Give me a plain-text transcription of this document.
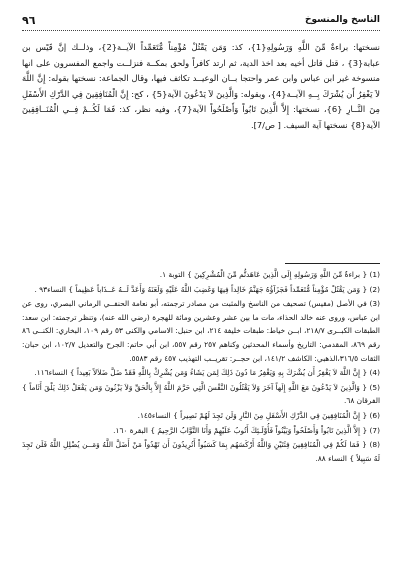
الناسخ والمنسوخ
٩٦

نسختها: براءةٌ مِّنَ اللَّهِ وَرَسُولِهِ{1}، كذ: وَمَن يَقْتُلْ مُؤْمِناً مُّتَعَمِّداً الآيــة{2}، وذلــك إنَّ قَيْس بن عبابة{3} ، قتل قاتل أخيه بعد اخذ الدية، ثم ارتد كافراً ولحق بمكــة فنزلــت واجمع المفسرون على انها منسوخة غير ابن عباس وابن عمر واحتجا بــان الوعيــد تكاثف فيها، وقال الجماعة: نسختها بقوله: إِنَّ اللَّهَ لاَ يَغْفِرُ أَن يُشْرَكَ بِــهِ الآيــة{4}، وبقوله: وَالَّذِينَ لاَ يَدْعُونَ الآية{5} ، كح: إِنَّ الْمُنَافِقِينَ فِي الدَّرْكِ الأَسْفَلِ مِنَ النَّــارِ {6}، نسختها: إِلاَّ الَّذِينَ تَابُواْ وَأَصْلَحُواْ الآية{7}، وفيه نظر، كذ: فَمَا لَكُــمْ فِــي الْمُنَــافِقِينَ الآية{8} نسختها آية السيف. [ ص/7].

(1) { براءةٌ مِّنَ اللَّهِ وَرَسُولِهِ إِلَى الَّذِينَ عَاهَدتُّم مِّنَ الْمُشْرِكِينَ } التوبة ١.

(2) { وَمَن يَقْتُلْ مُؤْمِناً مُّتَعَمِّداً فَجَزَآؤُهُ جَهَنَّمُ خَالِداً فِيهَا وَغَضِبَ اللَّهُ عَلَيْهِ وَلَعَنَهُ وَأَعَدَّ لَــهُ عَــذَاباً عَظِيماً } النساء٩٣ .

(3) في الأصل (مقيس) تصحيف من الناسخ والمثبت من مصادر ترجمته، أبو نعامة الحنفــي الرماني البصري، روى عن ابن عباس، وروى عنه خالد الحذاء، مات ما بين عشر وعشرين ومائة للهجرة (رضي الله عنه)، وتنظر ترجمته: ابن سعد: الطبقات الكبــرى ٢١٨/٧، ابــن خياط: طبقات خليفة ٢١٤، ابن حنبل: الاسامي والكنى ٥٣ رقم ١٠٩، البخاري: الكنــى ٨٦ رقم ٨٦٩، المقدمي: التاريخ وأسماء المحدثين وكناهم ٢٥٧ رقم ٥٥٧، ابن أبي حاتم: الجرح والتعديل ١٠٢/٧، ابن حبان: الثقات ٣١٦/٥،الذهبي: الكاشف ١٤١/٢، ابن حجــر: تقريــب التهذيب ٤٥٧ رقم ٥٥٨٣.

(4) { إِنَّ اللَّهَ لاَ يَغْفِرُ أَن يُشْرَكَ بِهِ وَيَغْفِرُ مَا دُونَ ذَلِكَ لِمَن يَشَاءُ وَمَن يُشْرِكْ بِاللَّهِ فَقَدْ ضَلَّ ضَلاَلاً بَعِيداً } النساء١١٦.

(5) { وَالَّذِينَ لاَ يَدْعُونَ مَعَ اللَّهِ إِلَهاً آخَرَ وَلاَ يَقْتُلُونَ النَّفْسَ الَّتِي حَرَّمَ اللَّهُ إِلاَّ بِالْحَقِّ وَلاَ يَزْنُونَ وَمَن يَفْعَلْ ذَلِكَ يَلْقَ أَثَاماً } الفرقان ٦٨.

(6) { إِنَّ الْمُنَافِقِينَ فِي الدَّرْكِ الأَسْفَلِ مِنَ النَّارِ وَلَن تَجِدَ لَهُمْ نَصِيراً } النساء١٤٥.

(7) { إِلاَّ الَّذِينَ تَابُواْ وَأَصْلَحُواْ وَبَيَّنُواْ فَأُوْلَـئِكَ أَتُوبُ عَلَيْهِمْ وَأَنَا التَّوَّابُ الرَّحِيمُ } البقرة ١٦٠.

(8) { فَمَا لَكُمْ فِي الْمُنَافِقِينَ فِئَتَيْنِ وَاللَّهُ أَرْكَسَهُم بِمَا كَسَبُواْ أَتُرِيدُونَ أَن تَهْدُواْ مَنْ أَضَلَّ اللَّهُ وَمَــن يُضْلِلِ اللَّهُ فَلَن تَجِدَ لَهُ سَبِيلاً } النساء ٨٨.
